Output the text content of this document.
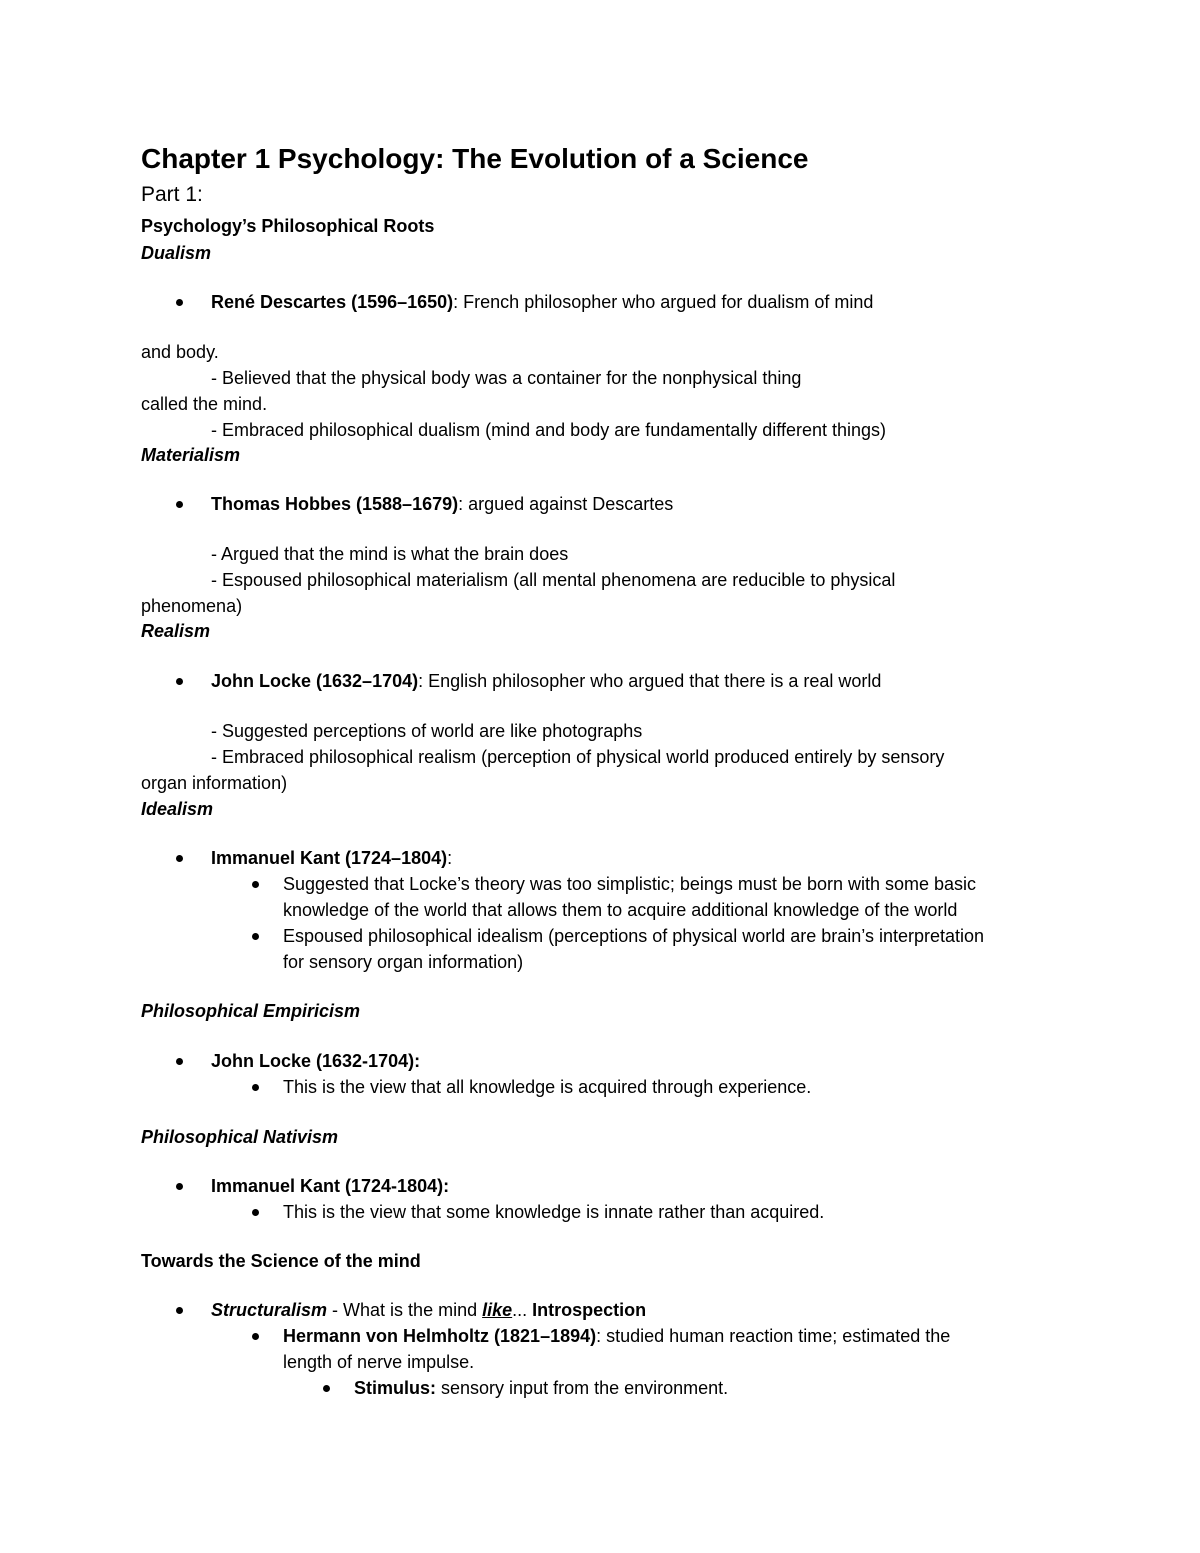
Chapter 1 Psychology: The Evolution of a Science
Part 1:
Psychology’s Philosophical Roots
Dualism
René Descartes (1596–1650): French philosopher who argued for dualism of mind
and body.
- Believed that the physical body was a container for the nonphysical thing
called the mind.
- Embraced philosophical dualism (mind and body are fundamentally different things)
Materialism
Thomas Hobbes (1588–1679): argued against Descartes
- Argued that the mind is what the brain does
- Espoused philosophical materialism (all mental phenomena are reducible to physical
phenomena)
Realism
John Locke (1632–1704): English philosopher who argued that there is a real world
- Suggested perceptions of world are like photographs
- Embraced philosophical realism (perception of physical world produced entirely by sensory
organ information)
Idealism
Immanuel Kant (1724–1804):
Suggested that Locke’s theory was too simplistic; beings must be born with some basic
knowledge of the world that allows them to acquire additional knowledge of the world
Espoused philosophical idealism (perceptions of physical world are brain’s interpretation
for sensory organ information)
Philosophical Empiricism
John Locke (1632-1704):
This is the view that all knowledge is acquired through experience.
Philosophical Nativism
Immanuel Kant (1724-1804):
This is the view that some knowledge is innate rather than acquired.
Towards the Science of the mind
Structuralism - What is the mind like... Introspection
Hermann von Helmholtz (1821–1894): studied human reaction time; estimated the
length of nerve impulse.
Stimulus: sensory input from the environment.
